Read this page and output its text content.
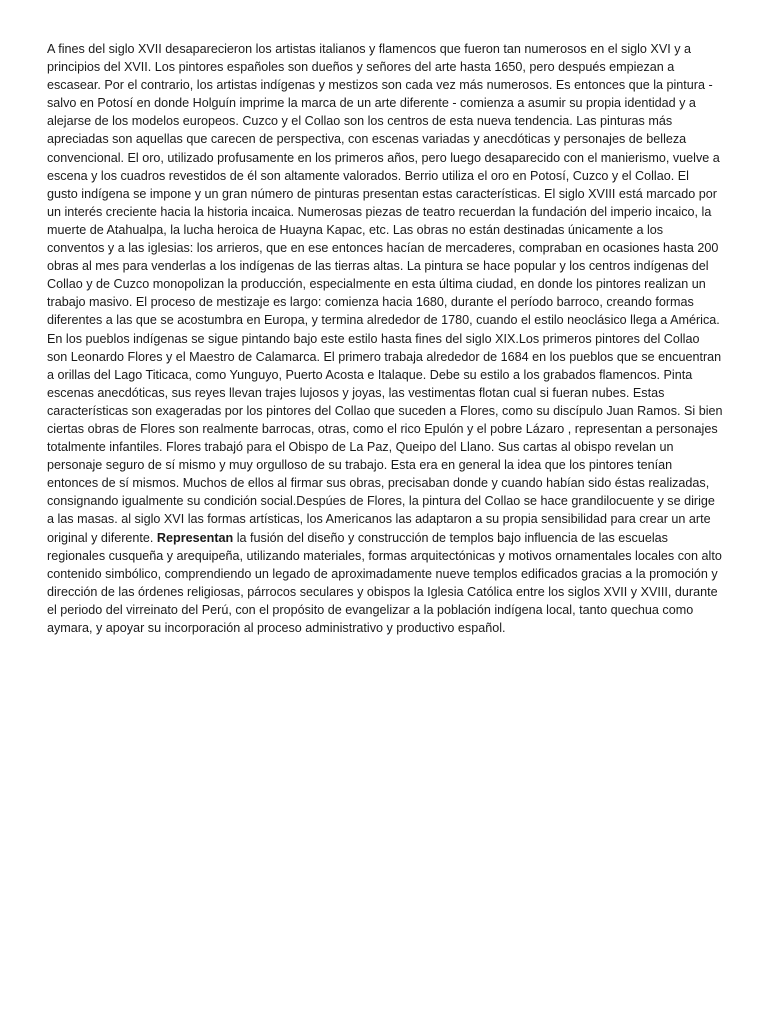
A fines del siglo XVII desaparecieron los artistas italianos y flamencos que fueron tan numerosos en el siglo XVI y a principios del XVII. Los pintores españoles son dueños y señores del arte hasta 1650, pero después empiezan a escasear. Por el contrario, los artistas indígenas y mestizos son cada vez más numerosos. Es entonces que la pintura - salvo en Potosí en donde Holguín imprime la marca de un arte diferente - comienza a asumir su propia identidad y a alejarse de los modelos europeos. Cuzco y el Collao son los centros de esta nueva tendencia. Las pinturas más apreciadas son aquellas que carecen de perspectiva, con escenas variadas y anecdóticas y personajes de belleza convencional. El oro, utilizado profusamente en los primeros años, pero luego desaparecido con el manierismo, vuelve a escena y los cuadros revestidos de él son altamente valorados. Berrio utiliza el oro en Potosí, Cuzco y el Collao. El gusto indígena se impone y un gran número de pinturas presentan estas características. El siglo XVIII está marcado por un interés creciente hacia la historia incaica. Numerosas piezas de teatro recuerdan la fundación del imperio incaico, la muerte de Atahualpa, la lucha heroica de Huayna Kapac, etc. Las obras no están destinadas únicamente a los conventos y a las iglesias: los arrieros, que en ese entonces hacían de mercaderes, compraban en ocasiones hasta 200 obras al mes para venderlas a los indígenas de las tierras altas. La pintura se hace popular y los centros indígenas del Collao y de Cuzco monopolizan la producción, especialmente en esta última ciudad, en donde los pintores realizan un trabajo masivo. El proceso de mestizaje es largo: comienza hacia 1680, durante el período barroco, creando formas diferentes a las que se acostumbra en Europa, y termina alrededor de 1780, cuando el estilo neoclásico llega a América. En los pueblos indígenas se sigue pintando bajo este estilo hasta fines del siglo XIX.Los primeros pintores del Collao son Leonardo Flores y el Maestro de Calamarca. El primero trabaja alrededor de 1684 en los pueblos que se encuentran a orillas del Lago Titicaca, como Yunguyo, Puerto Acosta e Italaque. Debe su estilo a los grabados flamencos. Pinta escenas anecdóticas, sus reyes llevan trajes lujosos y joyas, las vestimentas flotan cual si fueran nubes. Estas características son exageradas por los pintores del Collao que suceden a Flores, como su discípulo Juan Ramos. Si bien ciertas obras de Flores son realmente barrocas, otras, como el rico Epulón y el pobre Lázaro , representan a personajes totalmente infantiles. Flores trabajó para el Obispo de La Paz, Queipo del Llano. Sus cartas al obispo revelan un personaje seguro de sí mismo y muy orgulloso de su trabajo. Esta era en general la idea que los pintores tenían entonces de sí mismos. Muchos de ellos al firmar sus obras, precisaban donde y cuando habían sido éstas realizadas, consignando igualmente su condición social.Despúes de Flores, la pintura del Collao se hace grandilocuente y se dirige a las masas. al siglo XVI las formas artísticas, los Americanos las adaptaron a su propia sensibilidad para crear un arte original y diferente. Representan la fusión del diseño y construcción de templos bajo influencia de las escuelas regionales cusqueña y arequipeña, utilizando materiales, formas arquitectónicas y motivos ornamentales locales con alto contenido simbólico, comprendiendo un legado de aproximadamente nueve templos edificados gracias a la promoción y dirección de las órdenes religiosas, párrocos seculares y obispos la Iglesia Católica entre los siglos XVII y XVIII, durante el periodo del virreinato del Perú, con el propósito de evangelizar a la población indígena local, tanto quechua como aymara, y apoyar su incorporación al proceso administrativo y productivo español.
